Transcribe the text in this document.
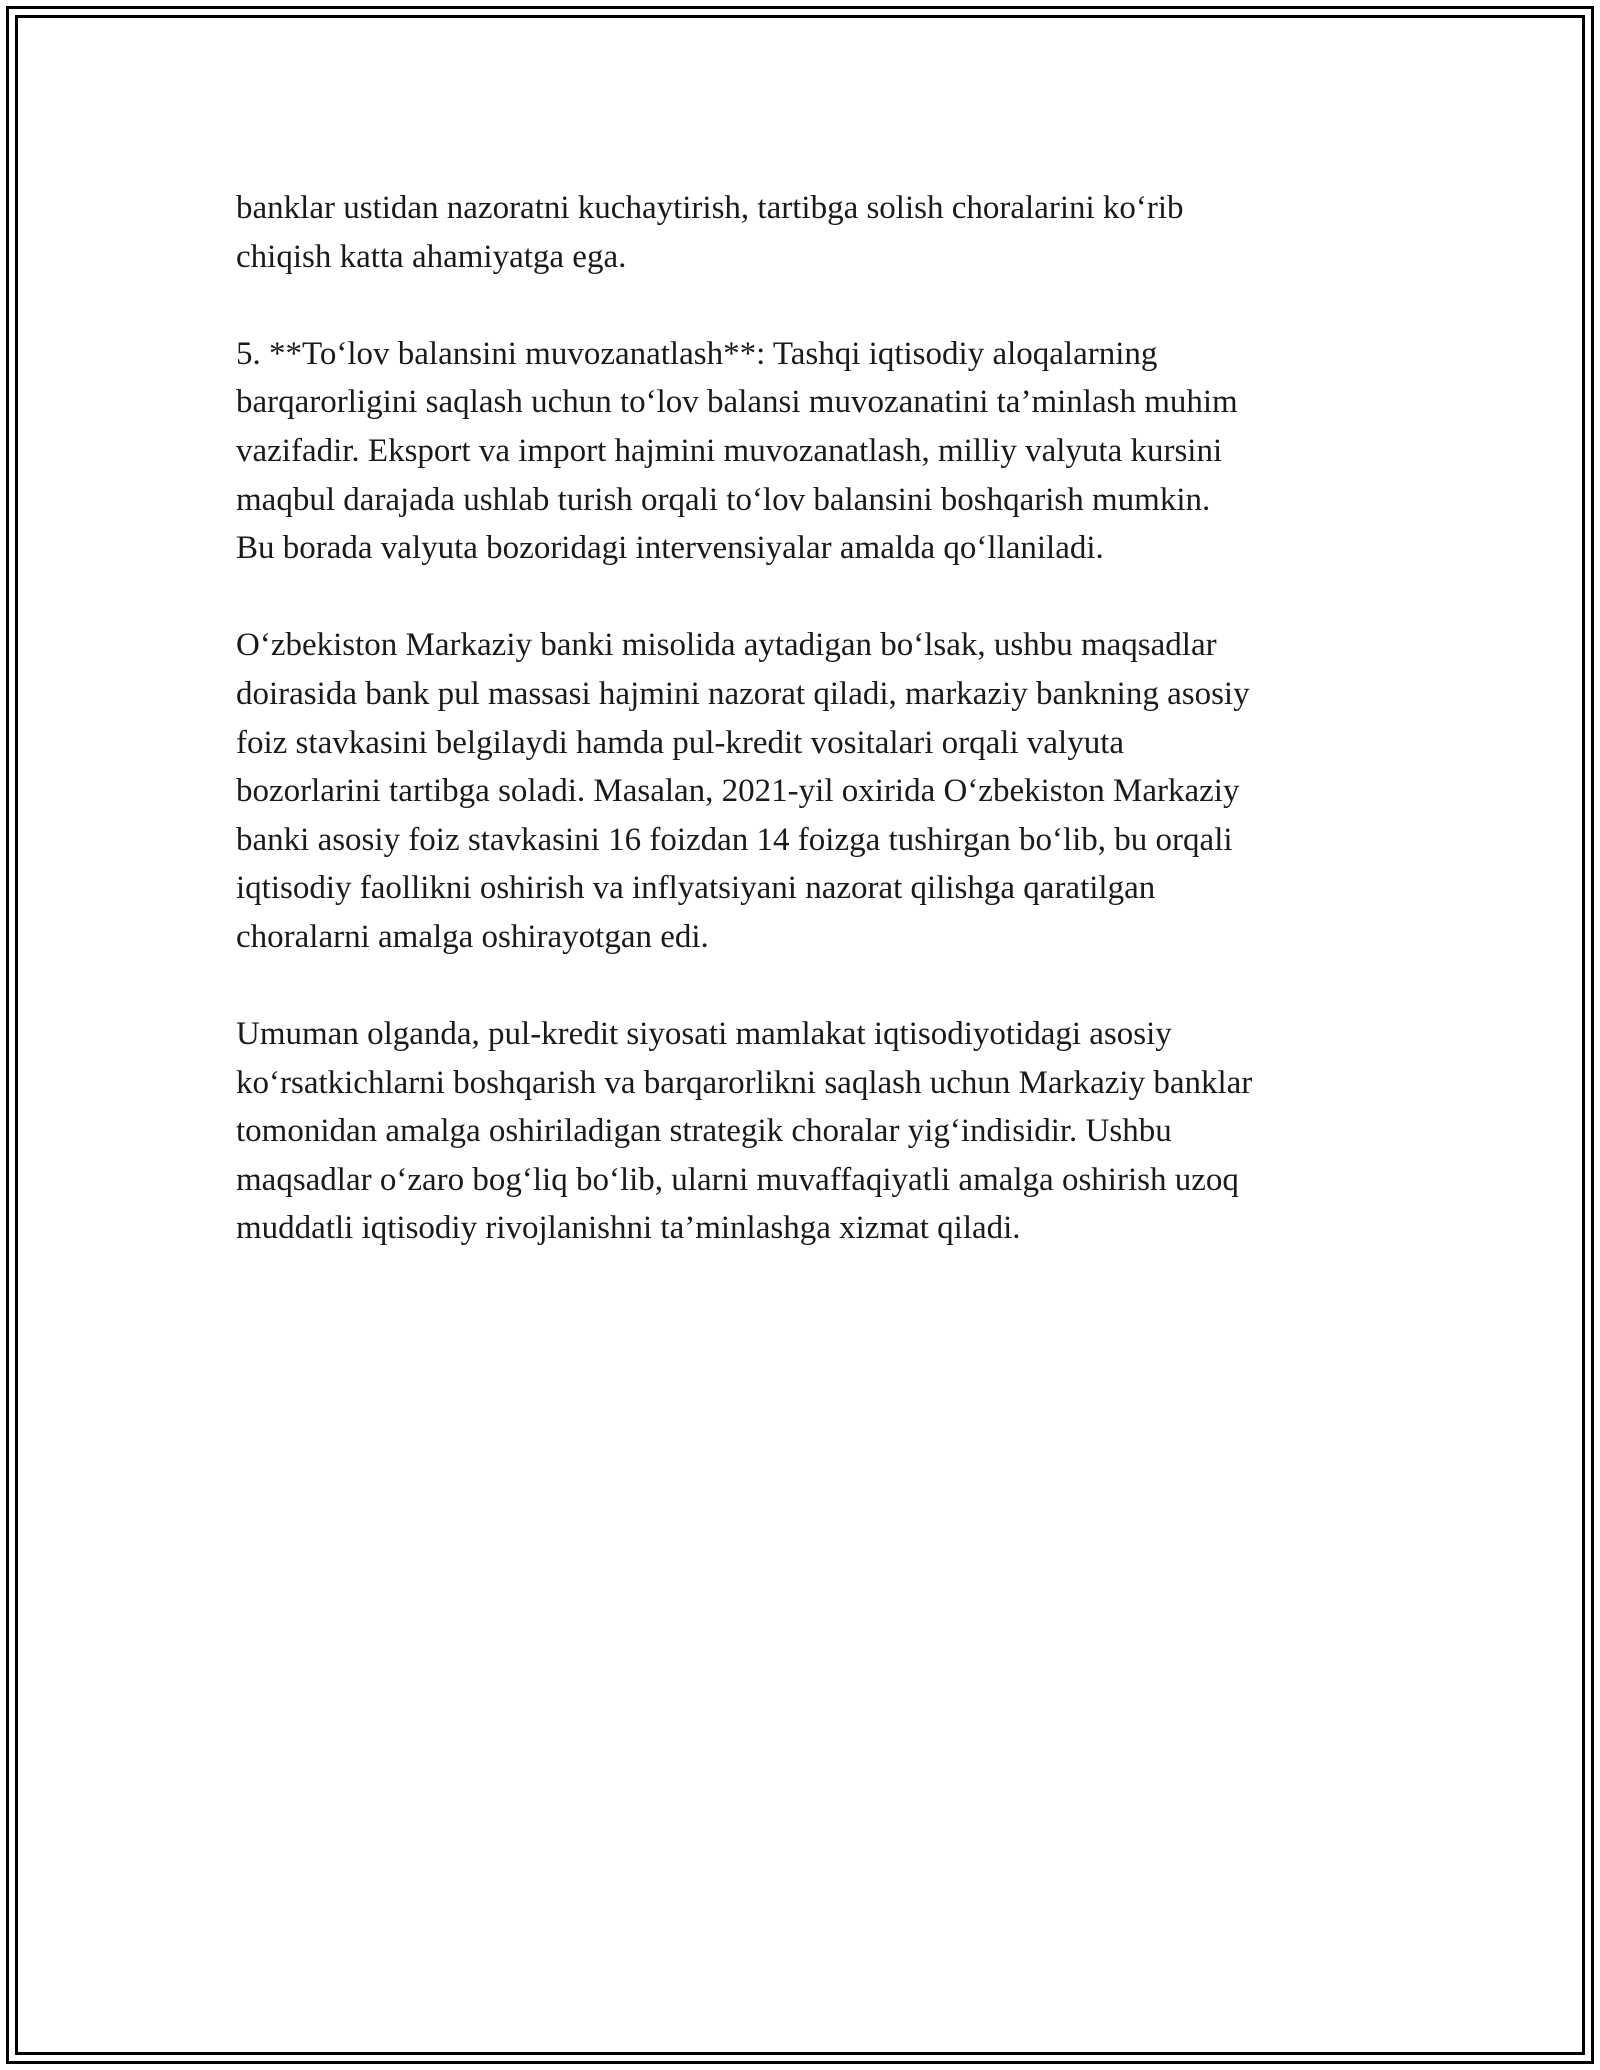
banklar ustidan nazoratni kuchaytirish, tartibga solish choralarini ko‘rib
chiqish katta ahamiyatga ega.
5. **To‘lov balansini muvozanatlash**: Tashqi iqtisodiy aloqalarning
barqarorligini saqlash uchun to‘lov balansi muvozanatini ta’minlash muhim
vazifadir. Eksport va import hajmini muvozanatlash, milliy valyuta kursini
maqbul darajada ushlab turish orqali to‘lov balansini boshqarish mumkin.
Bu borada valyuta bozoridagi intervensiyalar amalda qo‘llaniladi.
O‘zbekiston Markaziy banki misolida aytadigan bo‘lsak, ushbu maqsadlar
doirasida bank pul massasi hajmini nazorat qiladi, markaziy bankning asosiy
foiz stavkasini belgilaydi hamda pul-kredit vositalari orqali valyuta
bozorlarini tartibga soladi. Masalan, 2021-yil oxirida O‘zbekiston Markaziy
banki asosiy foiz stavkasini 16 foizdan 14 foizga tushirgan bo‘lib, bu orqali
iqtisodiy faollikni oshirish va inflyatsiyani nazorat qilishga qaratilgan
choralarni amalga oshirayotgan edi.
Umuman olganda, pul-kredit siyosati mamlakat iqtisodiyotidagi asosiy
ko‘rsatkichlarni boshqarish va barqarorlikni saqlash uchun Markaziy banklar
tomonidan amalga oshiriladigan strategik choralar yig‘indisidir. Ushbu
maqsadlar o‘zaro bog‘liq bo‘lib, ularni muvaffaqiyatli amalga oshirish uzoq
muddatli iqtisodiy rivojlanishni ta’minlashga xizmat qiladi.
